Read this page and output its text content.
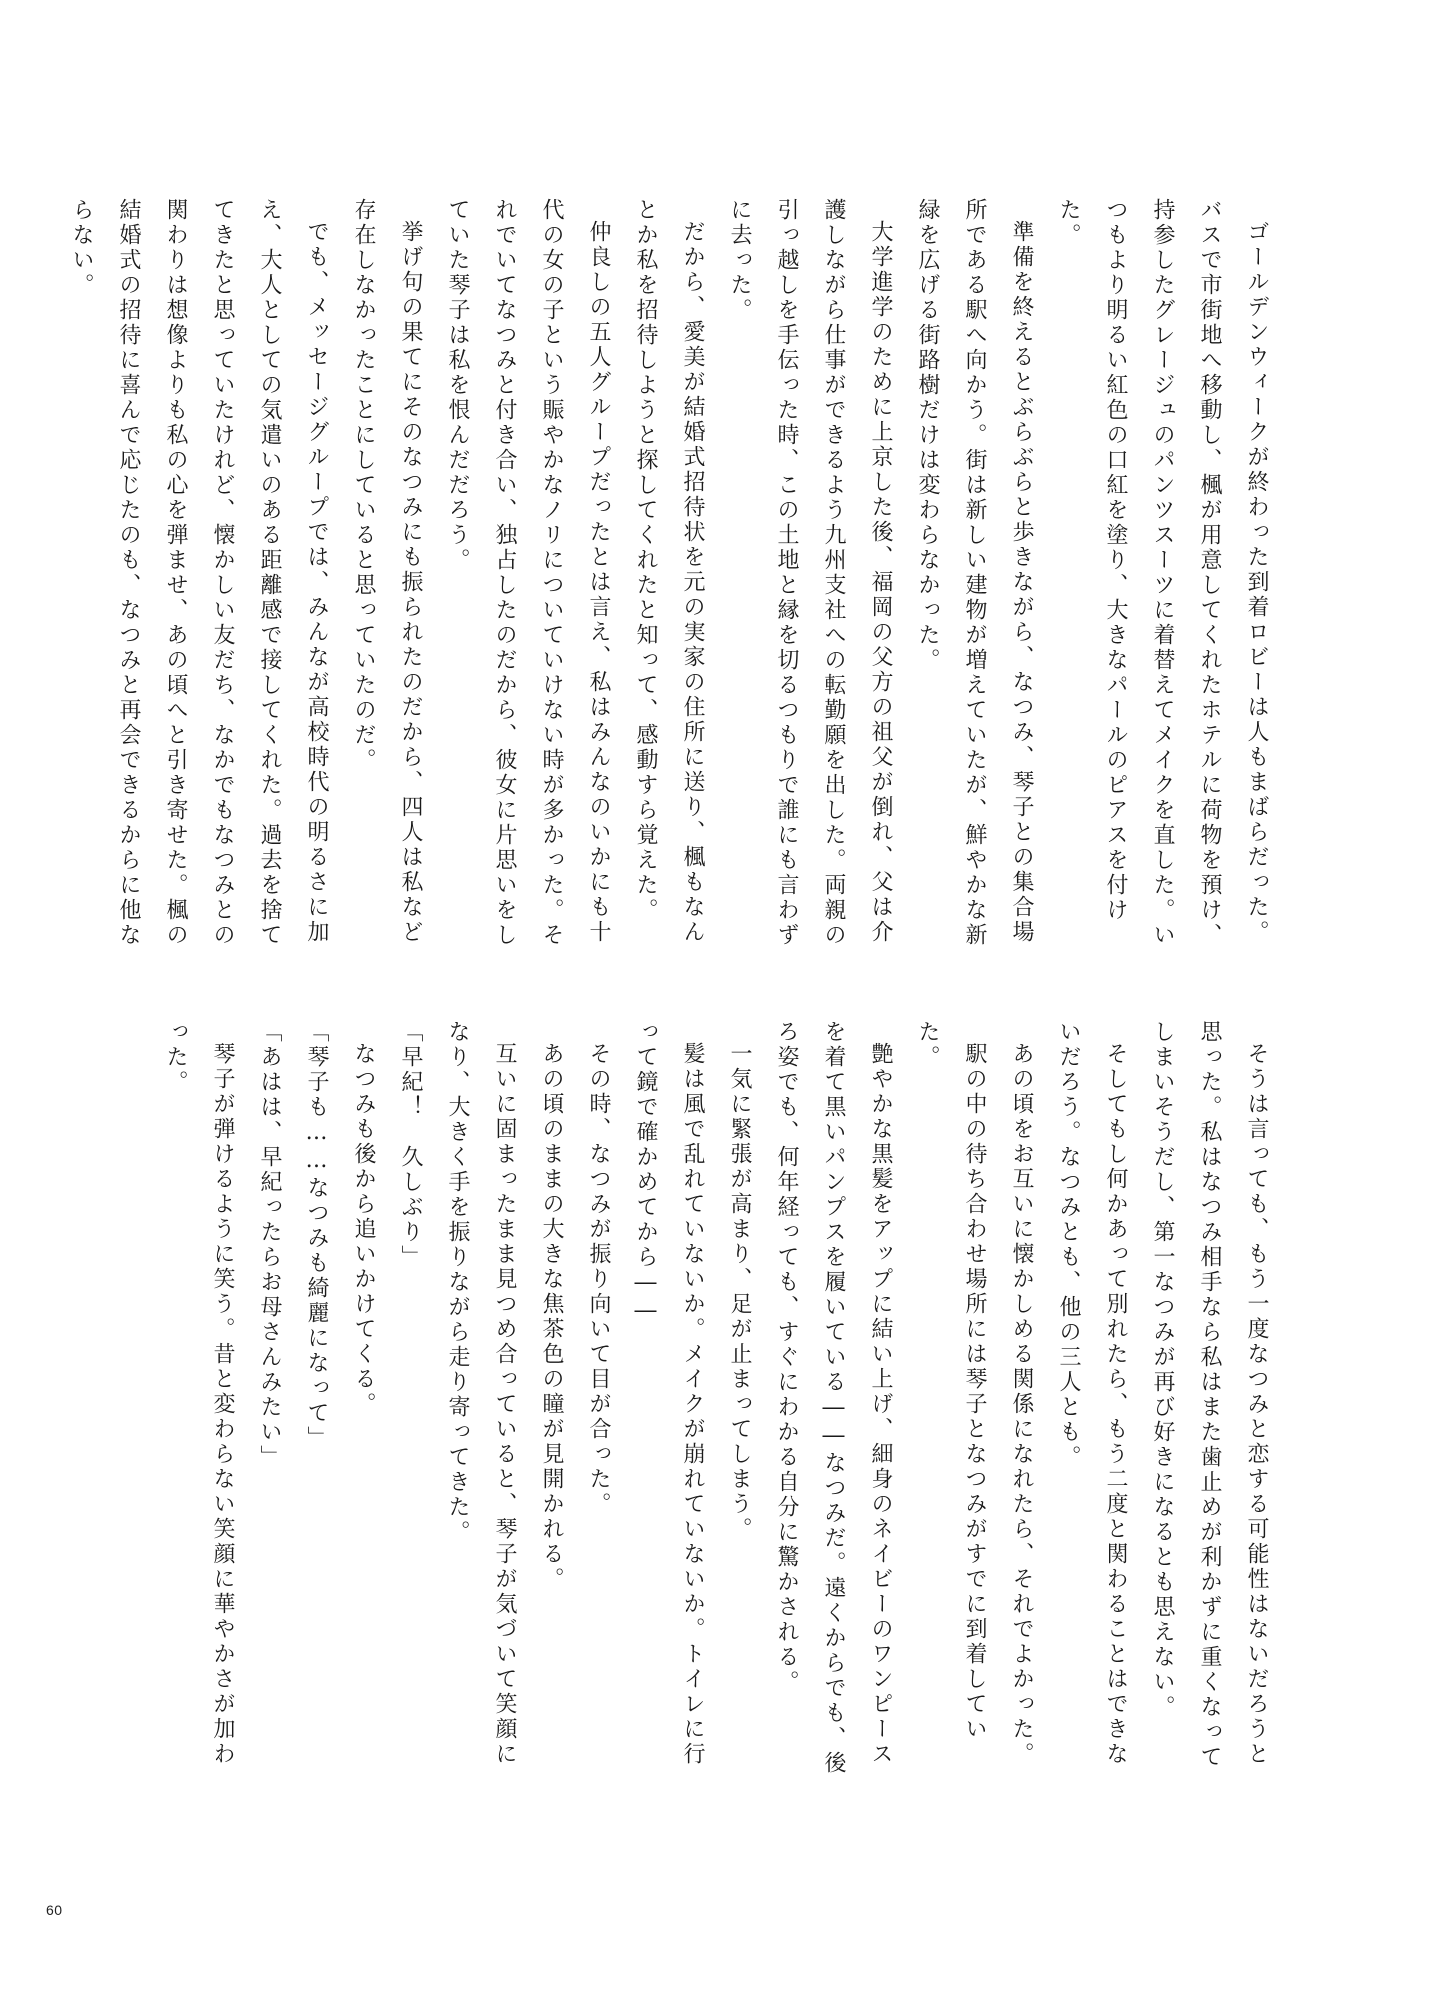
ゴールデンウィークが終わった到着ロビーは人もまばらだった。バスで市街地へ移動し、楓が用意してくれたホテルに荷物を預け、持参したグレージュのパンツスーツに着替えてメイクを直した。いつもより明るい紅色の口紅を塗り、大きなパールのピアスを付けた。

準備を終えるとぶらぶらと歩きながら、なつみ、琴子との集合場所である駅へ向かう。街は新しい建物が増えていたが、鮮やかな新緑を広げる街路樹だけは変わらなかった。

大学進学のために上京した後、福岡の父方の祖父が倒れ、父は介護しながら仕事ができるよう九州支社への転勤願を出した。両親の引っ越しを手伝った時、この土地と縁を切るつもりで誰にも言わずに去った。

だから、愛美が結婚式招待状を元の実家の住所に送り、楓もなんとか私を招待しようと探してくれたと知って、感動すら覚えた。

仲良しの五人グループだったとは言え、私はみんなのいかにも十代の女の子という賑やかなノリについていけない時が多かった。それでいてなつみと付き合い、独占したのだから、彼女に片思いをしていた琴子は私を恨んだだろう。

挙げ句の果てにそのなつみにも振られたのだから、四人は私など存在しなかったことにしていると思っていたのだ。

でも、メッセージグループでは、みんなが高校時代の明るさに加え、大人としての気遣いのある距離感で接してくれた。過去を捨ててきたと思っていたけれど、懐かしい友だち、なかでもなつみとの関わりは想像よりも私の心を弾ませ、あの頃へと引き寄せた。楓の結婚式の招待に喜んで応じたのも、なつみと再会できるからに他ならない。

そうは言っても、もう一度なつみと恋する可能性はないだろうと思った。私はなつみ相手なら私はまた歯止めが利かずに重くなってしまいそうだし、第一なつみが再び好きになるとも思えない。

そしてもし何かあって別れたら、もう二度と関わることはできないだろう。なつみとも、他の三人とも。

あの頃をお互いに懐かしめる関係になれたら、それでよかった。

駅の中の待ち合わせ場所には琴子となつみがすでに到着していた。

艶やかな黒髪をアップに結い上げ、細身のネイビーのワンピースを着て黒いパンプスを履いている――なつみだ。遠くからでも、後ろ姿でも、何年経っても、すぐにわかる自分に驚かされる。

一気に緊張が高まり、足が止まってしまう。

髪は風で乱れていないか。メイクが崩れていないか。トイレに行って鏡で確かめてから――

その時、なつみが振り向いて目が合った。

あの頃のままの大きな焦茶色の瞳が見開かれる。

互いに固まったまま見つめ合っていると、琴子が気づいて笑顔になり、大きく手を振りながら走り寄ってきた。

「早紀！　久しぶり」

なつみも後から追いかけてくる。

「琴子も……なつみも綺麗になって」

「あはは、早紀ったらお母さんみたい」

琴子が弾けるように笑う。昔と変わらない笑顔に華やかさが加わった。

60
